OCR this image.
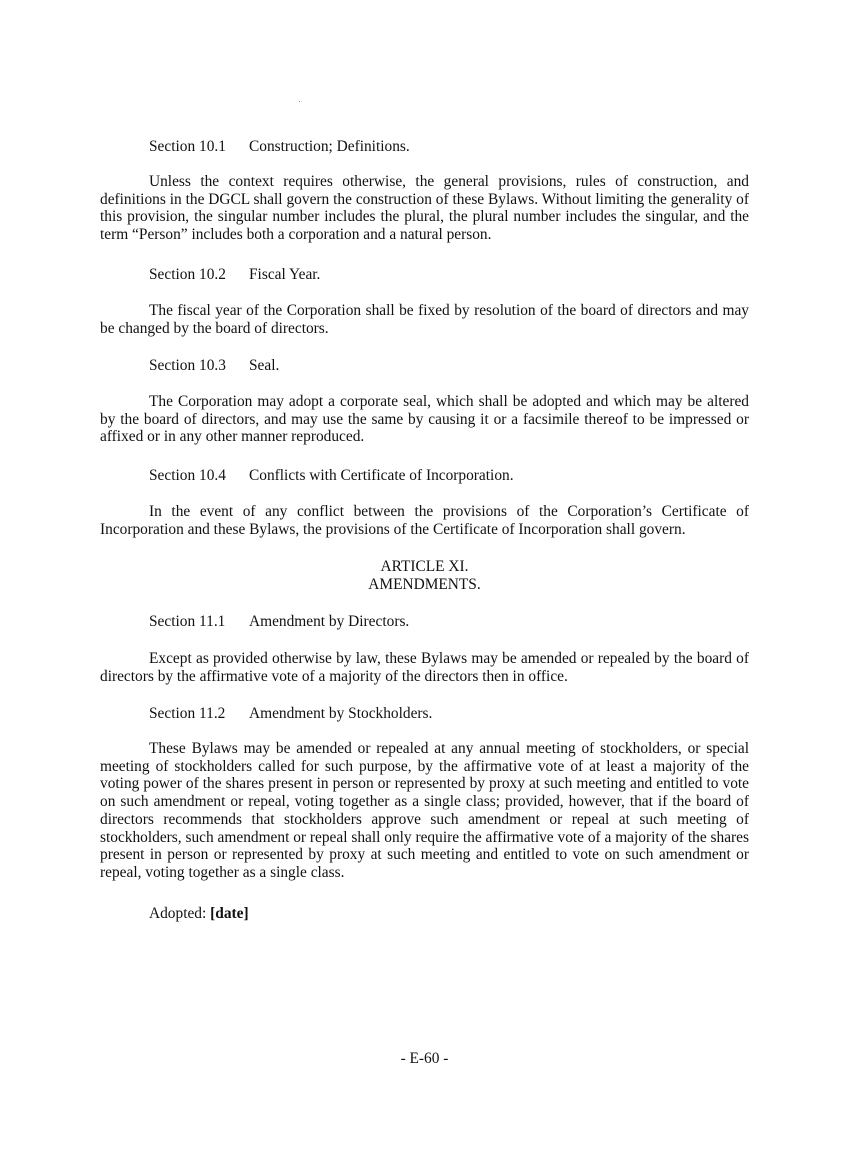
Section 10.1 Construction; Definitions.

Unless the context requires otherwise, the general provisions, rules of construction, and definitions in the DGCL shall govern the construction of these Bylaws. Without limiting the generality of this provision, the singular number includes the plural, the plural number includes the singular, and the term “Person” includes both a corporation and a natural person.

Section 10.2 Fiscal Year.

The fiscal year of the Corporation shall be fixed by resolution of the board of directors and may be changed by the board of directors.

Section 10.3 Seal.

The Corporation may adopt a corporate seal, which shall be adopted and which may be altered by the board of directors, and may use the same by causing it or a facsimile thereof to be impressed or affixed or in any other manner reproduced.

Section 10.4 Conflicts with Certificate of Incorporation.

In the event of any conflict between the provisions of the Corporation’s Certificate of Incorporation and these Bylaws, the provisions of the Certificate of Incorporation shall govern.

ARTICLE XI.
AMENDMENTS.
Section 11.1 Amendment by Directors.

Except as provided otherwise by law, these Bylaws may be amended or repealed by the board of directors by the affirmative vote of a majority of the directors then in office.

Section 11.2 Amendment by Stockholders.

These Bylaws may be amended or repealed at any annual meeting of stockholders, or special meeting of stockholders called for such purpose, by the affirmative vote of at least a majority of the voting power of the shares present in person or represented by proxy at such meeting and entitled to vote on such amendment or repeal, voting together as a single class; provided, however, that if the board of directors recommends that stockholders approve such amendment or repeal at such meeting of stockholders, such amendment or repeal shall only require the affirmative vote of a majority of the shares present in person or represented by proxy at such meeting and entitled to vote on such amendment or repeal, voting together as a single class.

Adopted: [date]
- E-60 -
